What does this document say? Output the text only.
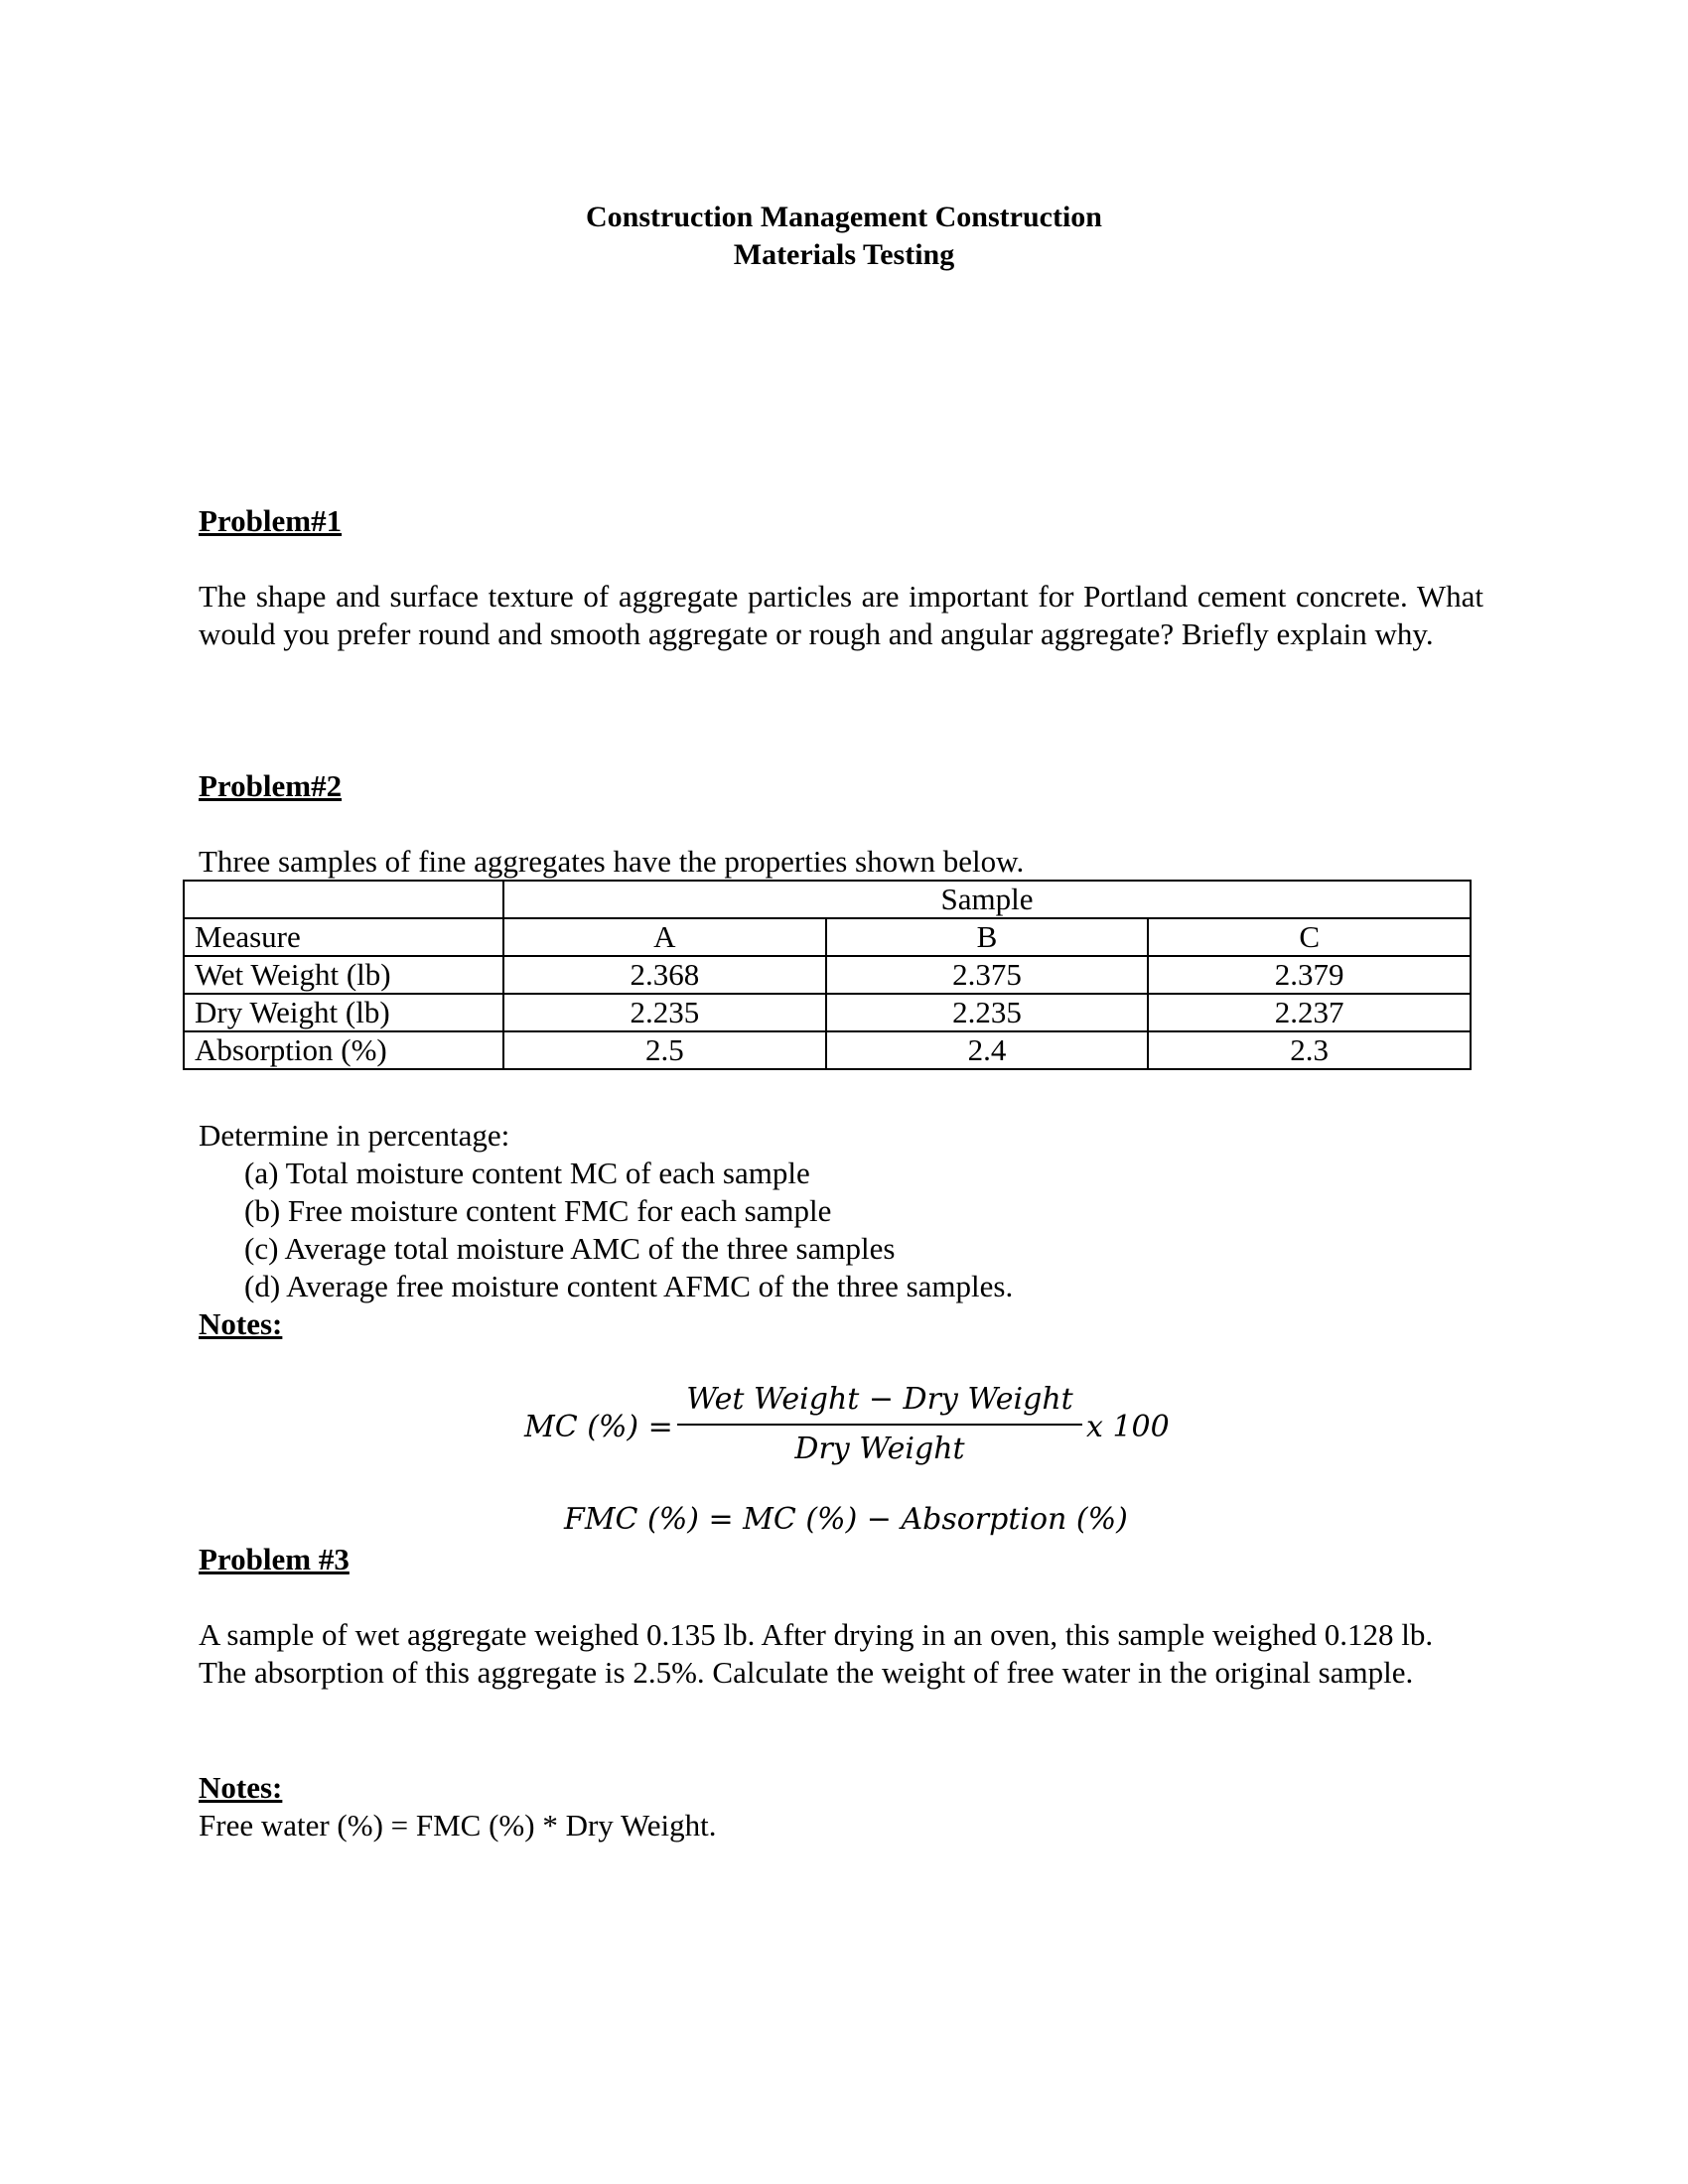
Construction Management Construction
Materials Testing
Problem#1
The shape and surface texture of aggregate particles are important for Portland cement concrete. What would you prefer round and smooth aggregate or rough and angular aggregate? Briefly explain why.
Problem#2
Three samples of fine aggregates have the properties shown below.
	Sample		
Measure	A	B	C
Wet Weight (lb)	2.368	2.375	2.379
Dry Weight (lb)	2.235	2.235	2.237
Absorption (%)	2.5	2.4	2.3
Determine in percentage:
(a) Total moisture content MC of each sample
(b) Free moisture content FMC for each sample
(c) Average total moisture AMC of the three samples
(d) Average free moisture content AFMC of the three samples.
Notes:
MC (%) =
Wet Weight − Dry Weight
Dry Weight
x 100
FMC (%) = MC (%) − Absorption (%)
Problem #3
A sample of wet aggregate weighed 0.135 lb. After drying in an oven, this sample weighed 0.128 lb. The absorption of this aggregate is 2.5%. Calculate the weight of free water in the original sample.
Notes:
Free water (%) = FMC (%) * Dry Weight.
